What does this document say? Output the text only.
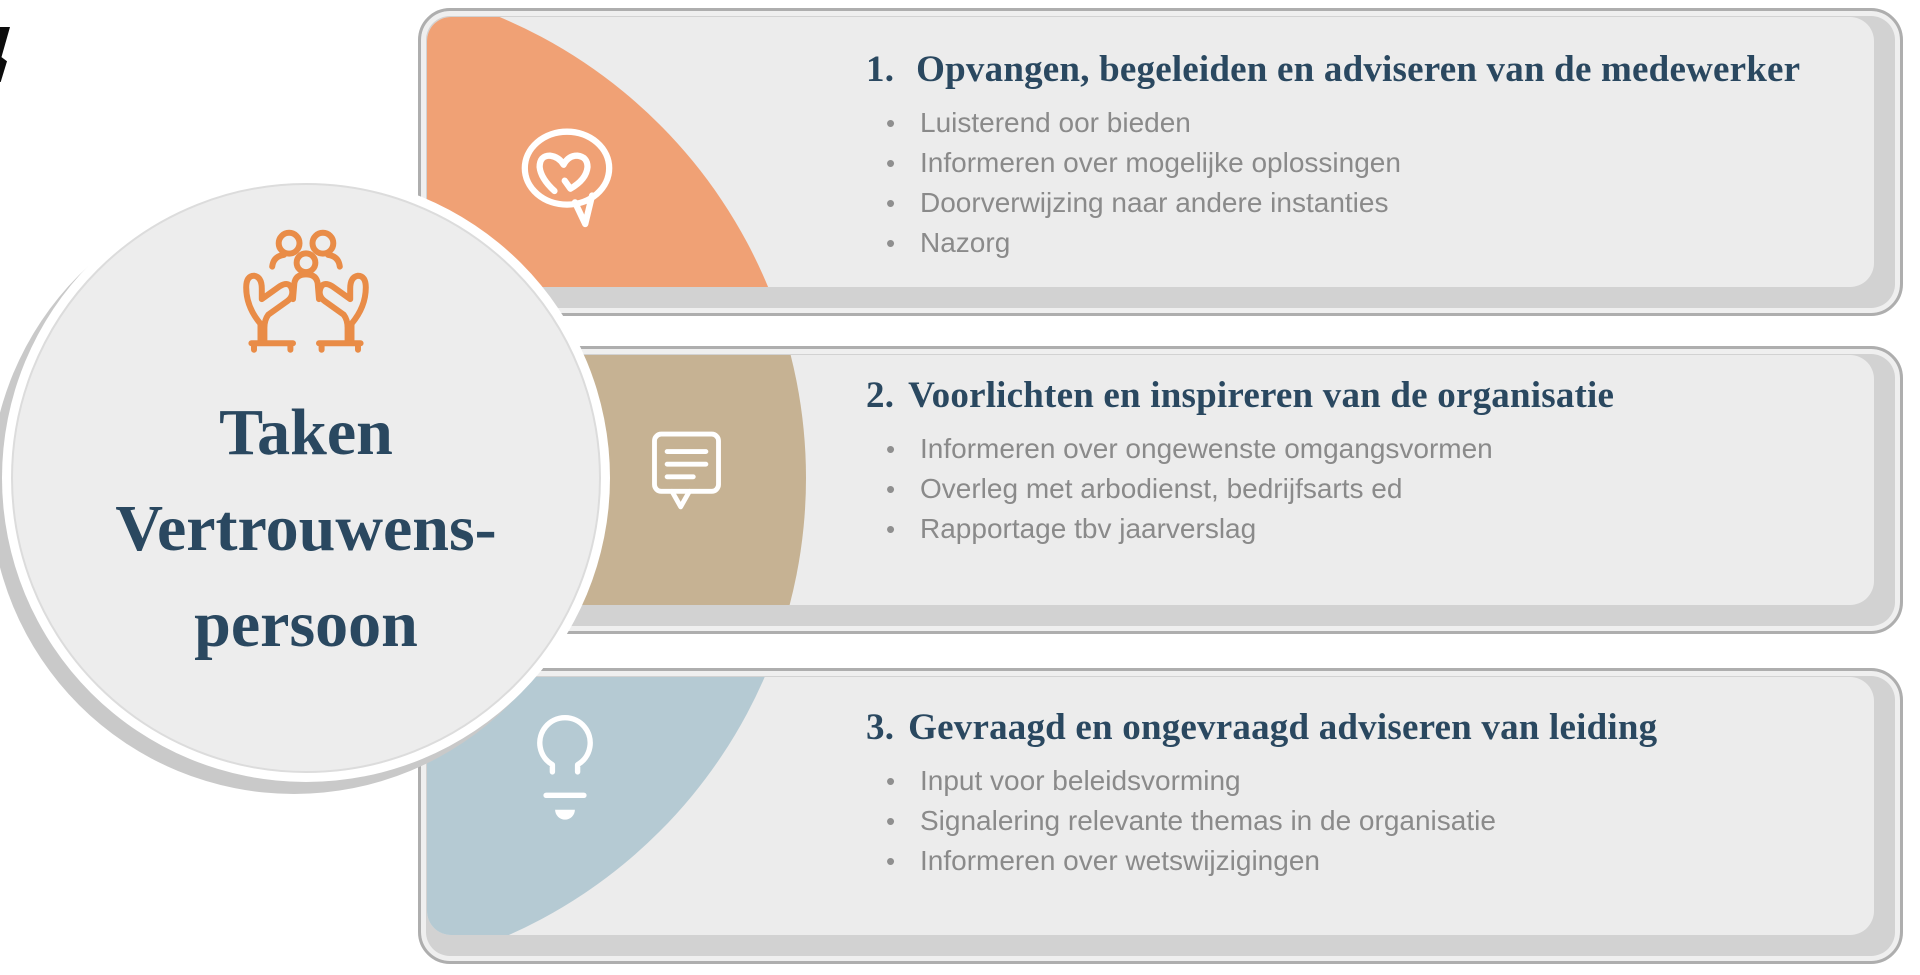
1. Opvangen, begeleiden en adviseren van de medewerker
• Luisterend oor bieden
• Informeren over mogelijke oplossingen
• Doorverwijzing naar andere instanties
• Nazorg
2. Voorlichten en inspireren van de organisatie
• Informeren over ongewenste omgangsvormen
• Overleg met arbodienst, bedrijfsarts ed
• Rapportage tbv jaarverslag
3. Gevraagd en ongevraagd adviseren van leiding
• Input voor beleidsvorming
• Signalering relevante themas in de organisatie
• Informeren over wetswijzigingen
Taken
Vertrouwens-
persoon
